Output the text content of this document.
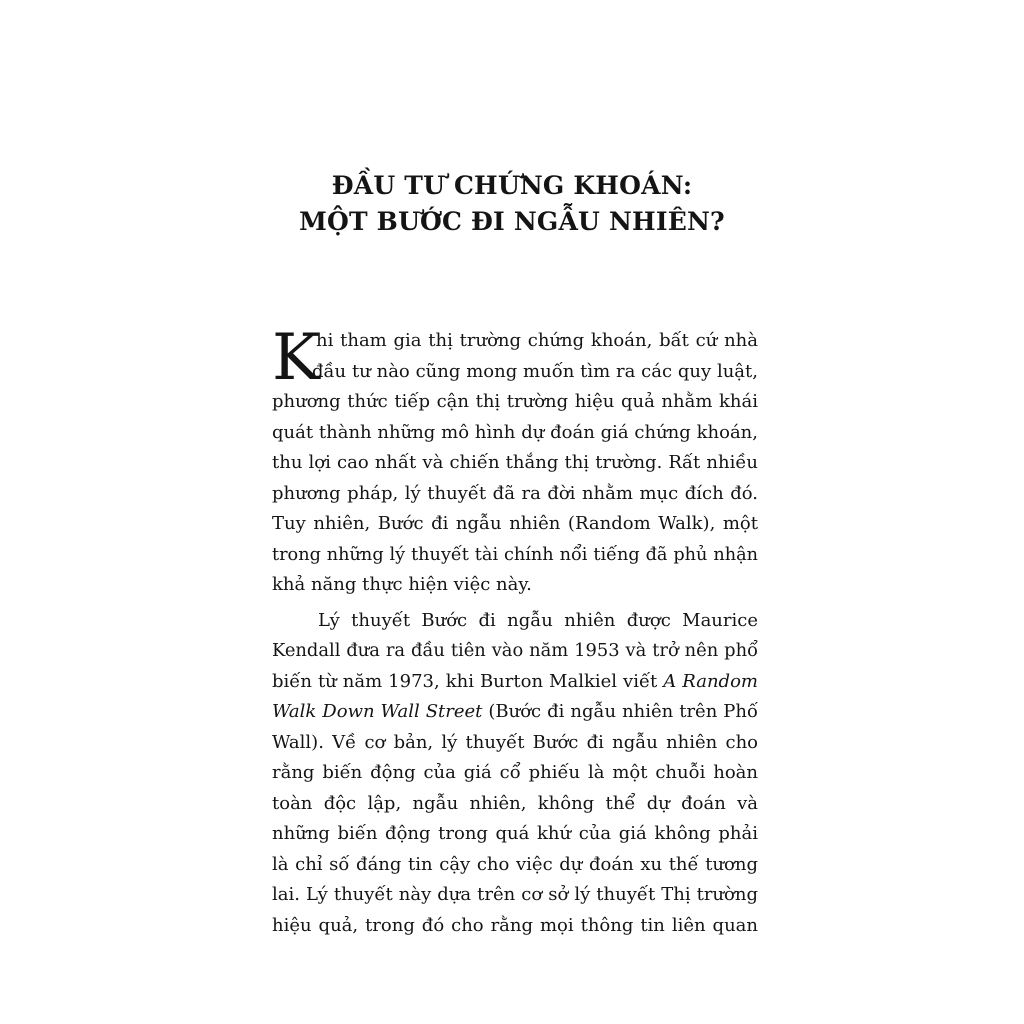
ĐẦU TƯ CHỨNG KHOÁN:
MỘT BƯỚC ĐI NGẪU NHIÊN?

K
hi tham gia thị trường chứng khoán, bất cứ nhà
đầu tư nào cũng mong muốn tìm ra các quy luật,
phương thức tiếp cận thị trường hiệu quả nhằm khái
quát thành những mô hình dự đoán giá chứng khoán,
thu lợi cao nhất và chiến thắng thị trường. Rất nhiều
phương pháp, lý thuyết đã ra đời nhằm mục đích đó.
Tuy nhiên, Bước đi ngẫu nhiên (Random Walk), một
trong những lý thuyết tài chính nổi tiếng đã phủ nhận
khả năng thực hiện việc này.

Lý thuyết Bước đi ngẫu nhiên được Maurice
Kendall đưa ra đầu tiên vào năm 1953 và trở nên phổ
biến từ năm 1973, khi Burton Malkiel viết A Random
Walk Down Wall Street (Bước đi ngẫu nhiên trên Phố
Wall). Về cơ bản, lý thuyết Bước đi ngẫu nhiên cho
rằng biến động của giá cổ phiếu là một chuỗi hoàn
toàn độc lập, ngẫu nhiên, không thể dự đoán và
những biến động trong quá khứ của giá không phải
là chỉ số đáng tin cậy cho việc dự đoán xu thế tương
lai. Lý thuyết này dựa trên cơ sở lý thuyết Thị trường
hiệu quả, trong đó cho rằng mọi thông tin liên quan
